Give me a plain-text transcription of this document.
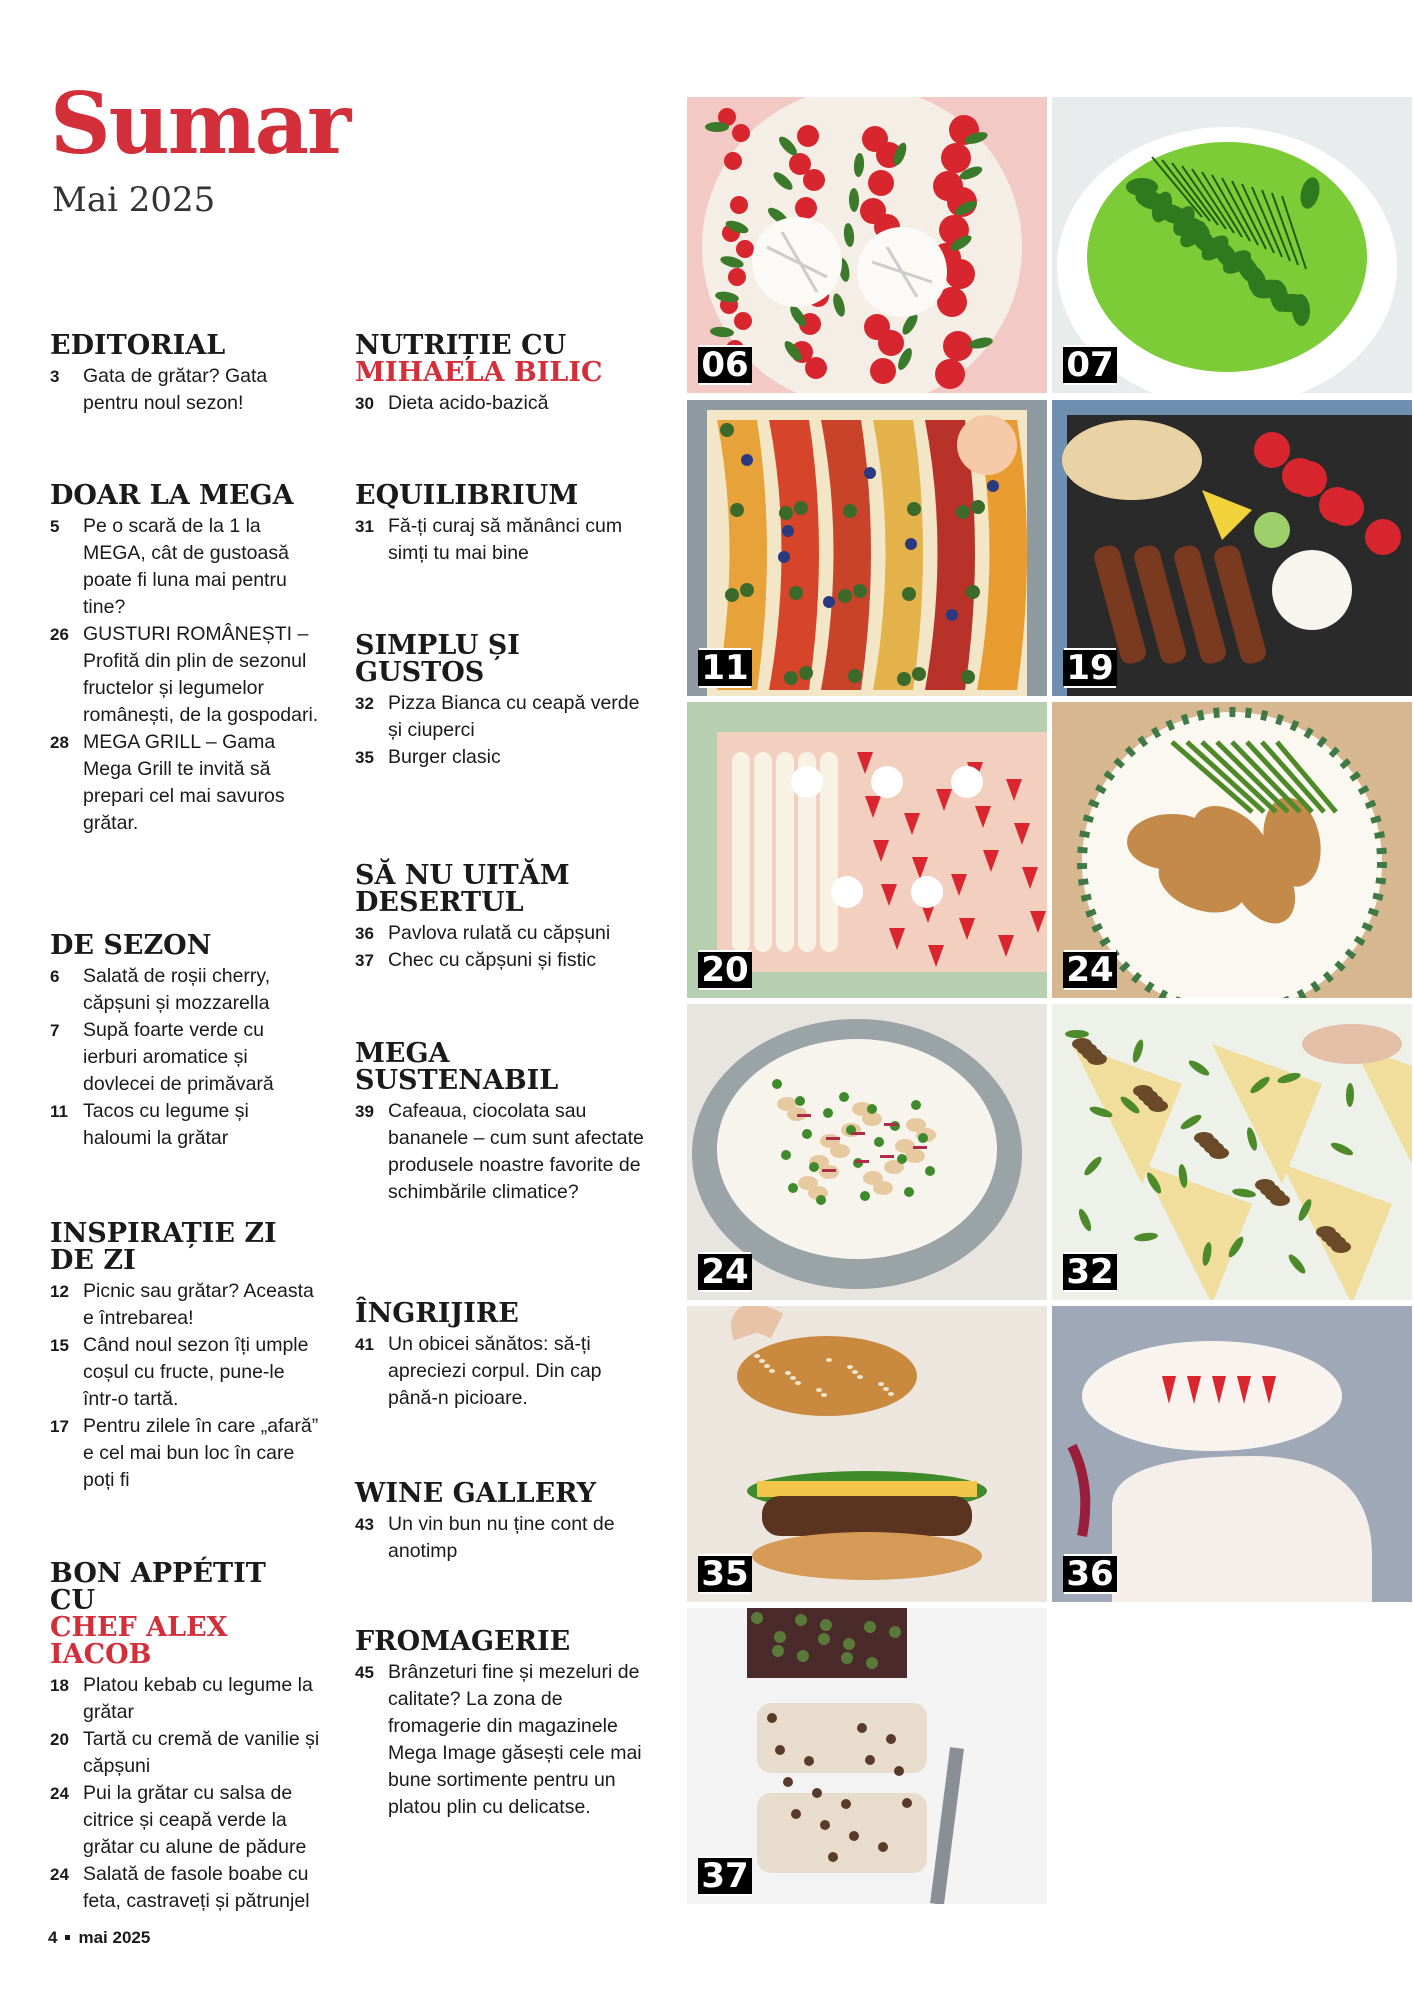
Sumar
Mai 2025
EDITORIAL
3	Gata de grătar? Gata pentru noul sezon!
DOAR LA MEGA
5	Pe o scară de la 1 la MEGA, cât de gustoasă poate fi luna mai pentru tine?
26 GUSTURI ROMÂNEȘTI – Profită din plin de sezonul fructelor și legumelor românești, de la gospodari.
28 MEGA GRILL – Gama Mega Grill te invită să prepari cel mai savuros grătar.
DE SEZON
6	Salată de roșii cherry, căpșuni și mozzarella
7	Supă foarte verde cu ierburi aromatice și dovlecei de primăvară
11 Tacos cu legume și haloumi la grătar
INSPIRAȚIE ZI DE ZI
12 Picnic sau grătar? Aceasta e întrebarea!
15 Când noul sezon îți umple coșul cu fructe, pune-le într-o tartă.
17 Pentru zilele în care „afară” e cel mai bun loc în care poți fi
BON APPÉTIT CU
CHEF ALEX IACOB
18 Platou kebab cu legume la grătar
20 Tartă cu cremă de vanilie și căpșuni
24 Pui la grătar cu salsa de citrice și ceapă verde la grătar cu alune de pădure
24 Salată de fasole boabe cu feta, castraveți și pătrunjel
NUTRIȚIE CU
MIHAELA BILIC
30 Dieta acido-bazică
EQUILIBRIUM
31 Fă-ți curaj să mănânci cum simți tu mai bine
SIMPLU ȘI GUSTOS
32 Pizza Bianca cu ceapă verde și ciuperci
35 Burger clasic
SĂ NU UITĂM DESERTUL
36 Pavlova rulată cu căpșuni
37 Chec cu căpșuni și fistic
MEGA SUSTENABIL
39 Cafeaua, ciocolata sau bananele – cum sunt afectate produsele noastre favorite de schimbările climatice?
ÎNGRIJIRE
41 Un obicei sănătos: să-ți apreciezi corpul. Din cap până-n picioare.
WINE GALLERY
43 Un vin bun nu ține cont de anotimp
FROMAGERIE
45 Brânzeturi fine și mezeluri de calitate? La zona de fromagerie din magazinele Mega Image găsești cele mai bune sortimente pentru un platou plin cu delicatse.
06	07
11	19
20	24
24	32
35	36
37
4 mai 2025
